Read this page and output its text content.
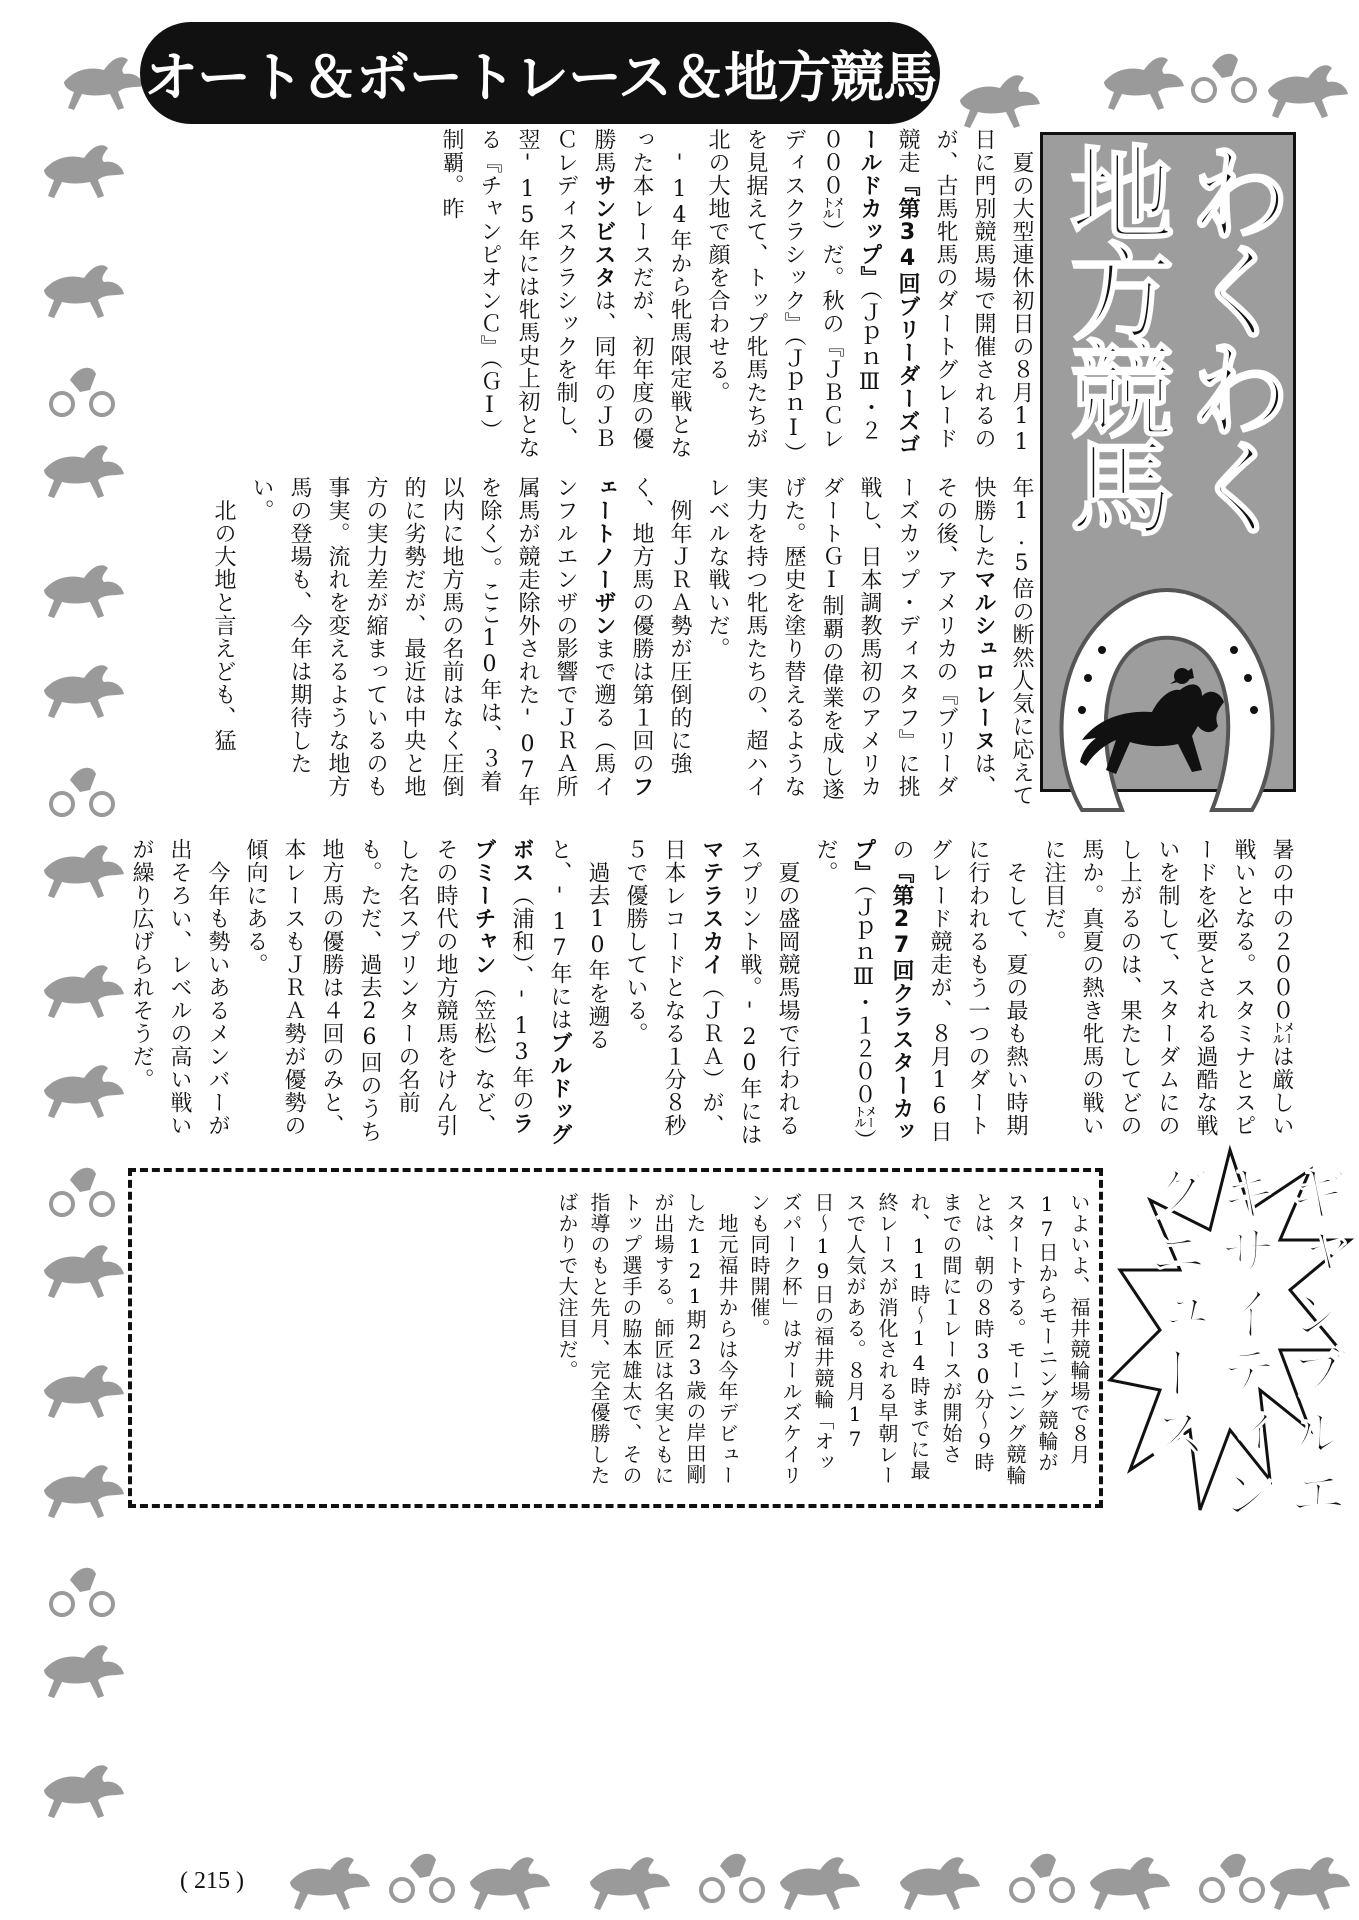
オート＆ボートレース＆地方競馬
わくわく地方競馬
　夏の大型連休初日の８月11日に門別競馬場で開催されるのが、古馬牝馬のダートグレード競走『第34回ブリーダーズゴールドカップ』（ＪｐｎⅢ・２０００㍍）だ。秋の『ＪＢＣレディスクラシック』（ＪｐｎⅠ）を見据えて、トップ牝馬たちが北の大地で顔を合わせる。
　'14年から牝馬限定戦となった本レースだが、初年度の優勝馬サンビスタは、同年のＪＢＣレディスクラシックを制し、翌'15年には牝馬史上初となる『チャンピオンＣ』（ＧⅠ）制覇。昨
年1.5倍の断然人気に応えて快勝したマルシュロレーヌは、その後、アメリカの『ブリーダーズカップ・ディスタフ』に挑戦し、日本調教馬初のアメリカダートＧⅠ制覇の偉業を成し遂げた。歴史を塗り替えるような実力を持つ牝馬たちの、超ハイレベルな戦いだ。
　例年ＪＲＡ勢が圧倒的に強く、地方馬の優勝は第１回のフェートノーザンまで遡る（馬インフルエンザの影響でＪＲＡ所属馬が競走除外された'07年を除く）。ここ10年は、３着以内に地方馬の名前はなく圧倒的に劣勢だが、最近は中央と地方の実力差が縮まっているのも事実。流れを変えるような地方馬の登場も、今年は期待したい。
　北の大地と言えども、猛
暑の中の２０００㍍は厳しい戦いとなる。スタミナとスピードを必要とされる過酷な戦いを制して、スターダムにのし上がるのは、果たしてどの馬か。真夏の熱き牝馬の戦いに注目だ。
　そして、夏の最も熱い時期に行われるもう一つのダートグレード競走が、８月16日の『第27回クラスターカップ』（ＪｐｎⅢ・１２００㍍）だ。
　夏の盛岡競馬場で行われるスプリント戦。'20年にはマテラスカイ（ＪＲＡ）が、日本レコードとなる１分８秒５で優勝している。
　過去10年を遡ると、'17年にはブルドッグボス（浦和）、'13年のラブミーチャン（笠松）など、その時代の地方競馬をけん引した名スプリンターの名前も。ただ、過去26回のうち地方馬の優勝は４回のみと、本レースもＪＲＡ勢が優勢の傾向にある。
　今年も勢いあるメンバーが出そろい、レベルの高い戦いが繰り広げられそうだ。
ギャンブルエキサイティングニュース
いよいよ、福井競輪場で８月17日からモーニング競輪がスタートする。モーニング競輪とは、朝の８時30分〜９時までの間に１レースが開始され、11時〜14時までに最終レースが消化される早朝レースで人気がある。８月17日〜19日の福井競輪「オッズパーク杯」はガールズケイリンも同時開催。
　地元福井からは今年デビューした121期23歳の岸田剛が出場する。師匠は名実ともにトップ選手の脇本雄太で、その指導のもと先月、完全優勝したばかりで大注目だ。
( 215 )
